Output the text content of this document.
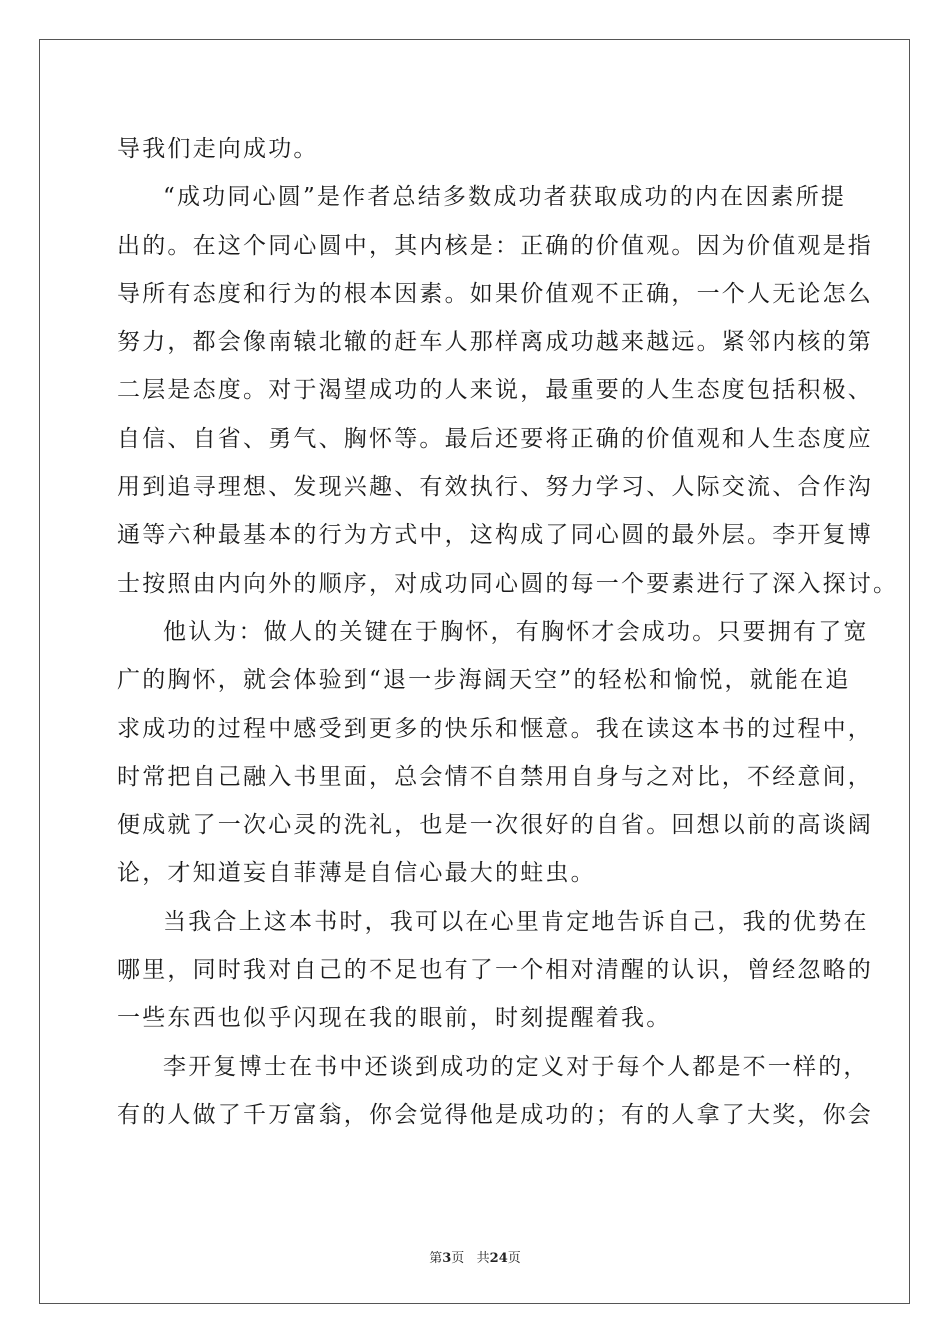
导我们走向成功。
“成功同心圆”是作者总结多数成功者获取成功的内在因素所提
出的。在这个同心圆中，其内核是：正确的价值观。因为价值观是指
导所有态度和行为的根本因素。如果价值观不正确，一个人无论怎么
努力，都会像南辕北辙的赶车人那样离成功越来越远。紧邻内核的第
二层是态度。对于渴望成功的人来说，最重要的人生态度包括积极、
自信、自省、勇气、胸怀等。最后还要将正确的价值观和人生态度应
用到追寻理想、发现兴趣、有效执行、努力学习、人际交流、合作沟
通等六种最基本的行为方式中，这构成了同心圆的最外层。李开复博
士按照由内向外的顺序，对成功同心圆的每一个要素进行了深入探讨。
他认为：做人的关键在于胸怀，有胸怀才会成功。只要拥有了宽
广的胸怀，就会体验到“退一步海阔天空”的轻松和愉悦，就能在追
求成功的过程中感受到更多的快乐和惬意。我在读这本书的过程中，
时常把自己融入书里面，总会情不自禁用自身与之对比，不经意间，
便成就了一次心灵的洗礼，也是一次很好的自省。回想以前的高谈阔
论，才知道妄自菲薄是自信心最大的蛀虫。
当我合上这本书时，我可以在心里肯定地告诉自己，我的优势在
哪里，同时我对自己的不足也有了一个相对清醒的认识，曾经忽略的
一些东西也似乎闪现在我的眼前，时刻提醒着我。
李开复博士在书中还谈到成功的定义对于每个人都是不一样的，
有的人做了千万富翁，你会觉得他是成功的；有的人拿了大奖，你会
第3页   共24页
